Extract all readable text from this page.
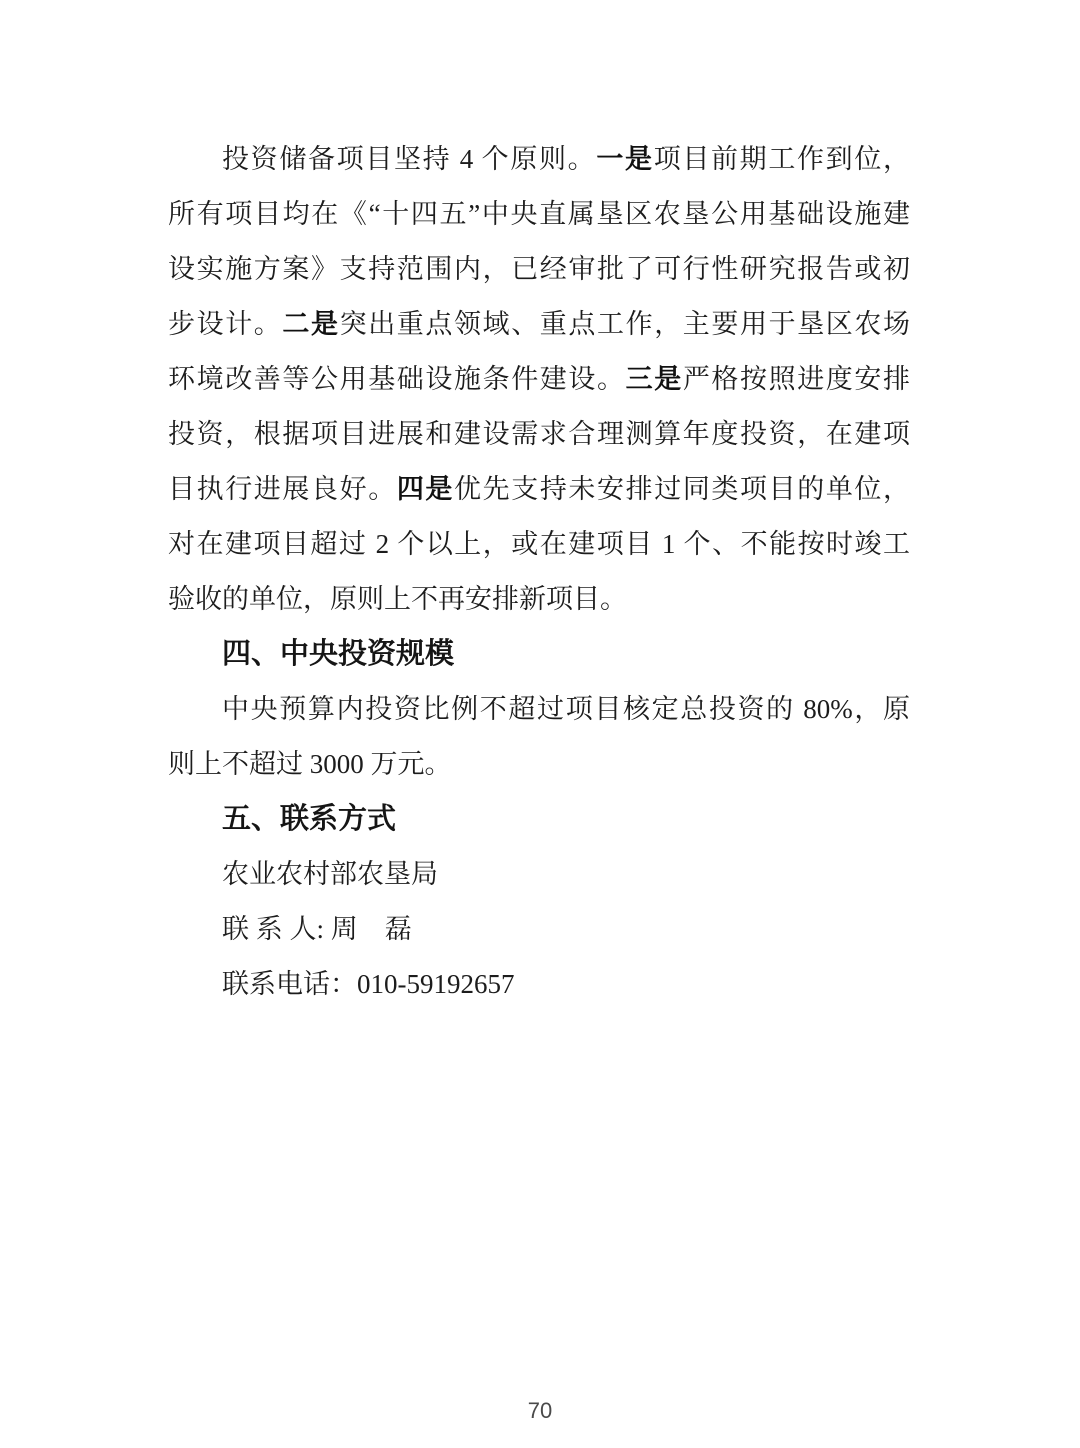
投资储备项目坚持 4 个原则。一是项目前期工作到位，
所有项目均在《“十四五”中央直属垦区农垦公用基础设施建
设实施方案》支持范围内，已经审批了可行性研究报告或初
步设计。二是突出重点领域、重点工作，主要用于垦区农场
环境改善等公用基础设施条件建设。三是严格按照进度安排
投资，根据项目进展和建设需求合理测算年度投资，在建项
目执行进展良好。四是优先支持未安排过同类项目的单位，
对在建项目超过 2 个以上，或在建项目 1 个、不能按时竣工
验收的单位，原则上不再安排新项目。
四、中央投资规模
中央预算内投资比例不超过项目核定总投资的 80%，原
则上不超过 3000 万元。
五、联系方式
农业农村部农垦局
联 系 人: 周　磊
联系电话：010-59192657
70
